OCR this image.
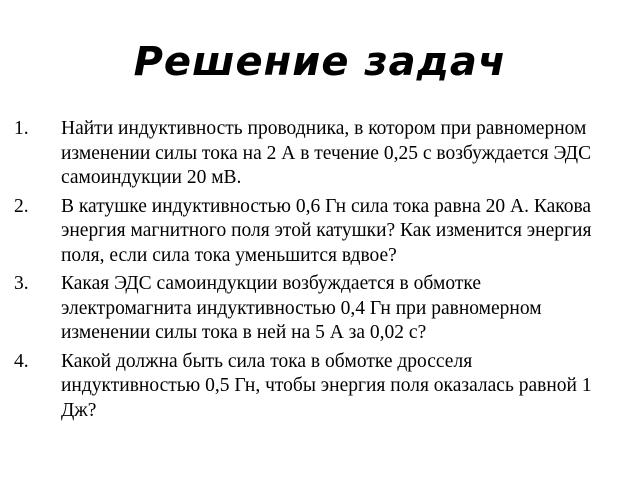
Решение задач
1. Найти индуктивность проводника, в котором при равномерном изменении силы тока на 2 А в течение 0,25 с возбуждается ЭДС самоиндукции 20 мВ.
2. В катушке индуктивностью 0,6 Гн сила тока равна 20 А. Какова энергия магнитного поля этой катушки? Как изменится энергия поля, если сила тока уменьшится вдвое?
3. Какая ЭДС самоиндукции возбуждается в обмотке электромагнита индуктивностью 0,4 Гн при равномерном изменении силы тока в ней на 5 А за 0,02 с?
4. Какой должна быть сила тока в обмотке дросселя индуктивностью 0,5 Гн, чтобы энергия поля оказалась равной 1 Дж?
